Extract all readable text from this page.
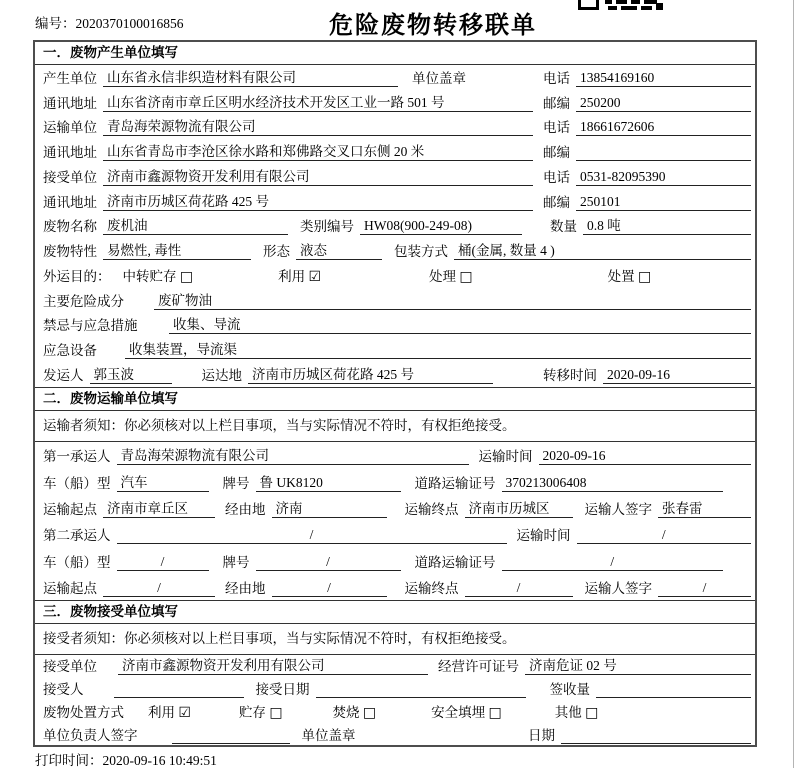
编号：2020370100016856	危险废物转移联单
一．废物产生单位填写
产生单位 山东省永信非织造材料有限公司	单位盖章	电话 13854169160
通讯地址 山东省济南市章丘区明水经济技术开发区工业一路 501 号	邮编 250200
运输单位 青岛海荣源物流有限公司	电话 18661672606
通讯地址 山东省青岛市李沧区徐水路和郑佛路交叉口东侧 20 米	邮编
接受单位 济南市鑫源物资开发利用有限公司	电话 0531-82095390
通讯地址 济南市历城区荷花路 425 号	邮编 250101
废物名称 废机油	类别编号 HW08(900-249-08)	数量 0.8 吨
废物特性 易燃性, 毒性	形态 液态	包装方式 桶(金属, 数量 4 )
外运目的： 中转贮存 □	利用 ☑	处理 □	处置 □
主要危险成分	废矿物油
禁忌与应急措施	收集、导流
应急设备	收集装置，导流渠
发运人 郭玉波	运达地 济南市历城区荷花路 425 号	转移时间 2020-09-16
二．废物运输单位填写
运输者须知：你必须核对以上栏目事项，当与实际情况不符时，有权拒绝接受。
第一承运人 青岛海荣源物流有限公司	运输时间 2020-09-16
车（船）型 汽车	牌号 鲁 UK8120	道路运输证号 370213006408
运输起点 济南市章丘区	经由地 济南	运输终点 济南市历城区	运输人签字 张春雷
第二承运人	/	运输时间	/
车（船）型	/	牌号	/	道路运输证号	/
运输起点	/	经由地	/	运输终点	/	运输人签字	/
三．废物接受单位填写
接受者须知：你必须核对以上栏目事项，当与实际情况不符时，有权拒绝接受。
接受单位	济南市鑫源物资开发利用有限公司	经营许可证号 济南危证 02 号
接受人	接受日期	签收量
废物处置方式	利用 ☑	贮存 □	焚烧 □	安全填埋 □	其他 □
单位负责人签字	单位盖章	日期
打印时间：2020-09-16 10:49:51
